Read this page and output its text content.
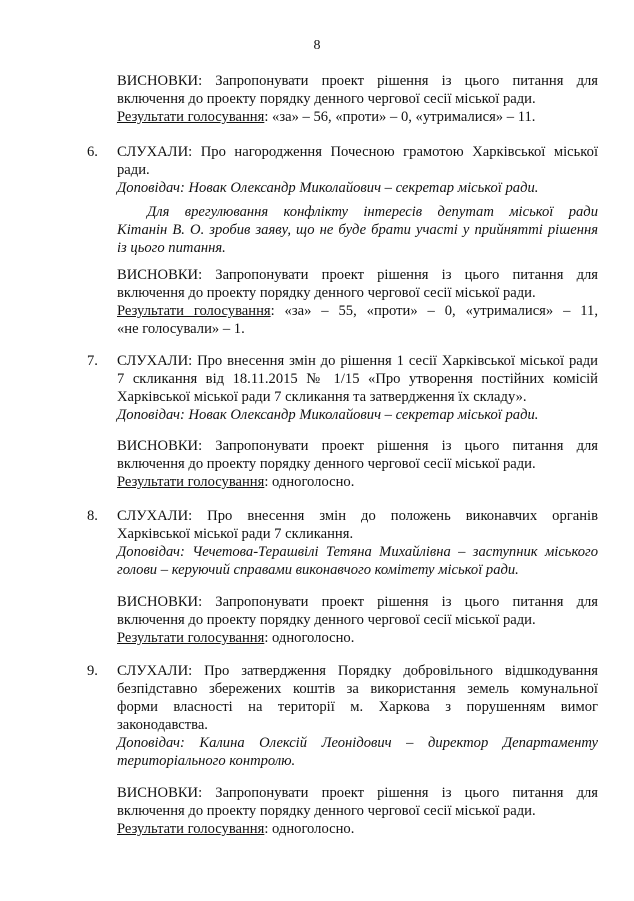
8
ВИСНОВКИ: Запропонувати проект рішення із цього питання для
включення до проекту порядку денного чергової сесії міської ради.
Результати голосування: «за» – 56, «проти» – 0, «утрималися» – 11.
6. СЛУХАЛИ: Про нагородження Почесною грамотою Харківської міської
ради.
Доповідач: Новак Олександр Миколайович – секретар міської ради.
Для врегулювання конфлікту інтересів депутат міської ради
Кітанін В. О. зробив заяву, що не буде брати участі у прийнятті рішення
із цього питання.
ВИСНОВКИ: Запропонувати проект рішення із цього питання для
включення до проекту порядку денного чергової сесії міської ради.
Результати голосування: «за» – 55, «проти» – 0, «утрималися» – 11,
«не голосували» – 1.
7. СЛУХАЛИ: Про внесення змін до рішення 1 сесії Харківської міської ради
7 скликання від 18.11.2015 № 1/15 «Про утворення постійних комісій
Харківської міської ради 7 скликання та затвердження їх складу».
Доповідач: Новак Олександр Миколайович – секретар міської ради.
ВИСНОВКИ: Запропонувати проект рішення із цього питання для
включення до проекту порядку денного чергової сесії міської ради.
Результати голосування: одноголосно.
8. СЛУХАЛИ: Про внесення змін до положень виконавчих органів
Харківської міської ради 7 скликання.
Доповідач: Чечетова-Терашвілі Тетяна Михайлівна – заступник міського
голови – керуючий справами виконавчого комітету міської ради.
ВИСНОВКИ: Запропонувати проект рішення із цього питання для
включення до проекту порядку денного чергової сесії міської ради.
Результати голосування: одноголосно.
9. СЛУХАЛИ: Про затвердження Порядку добровільного відшкодування
безпідставно збережених коштів за використання земель комунальної
форми власності на території м. Харкова з порушенням вимог
законодавства.
Доповідач: Калина Олексій Леонідович – директор Департаменту
територіального контролю.
ВИСНОВКИ: Запропонувати проект рішення із цього питання для
включення до проекту порядку денного чергової сесії міської ради.
Результати голосування: одноголосно.
